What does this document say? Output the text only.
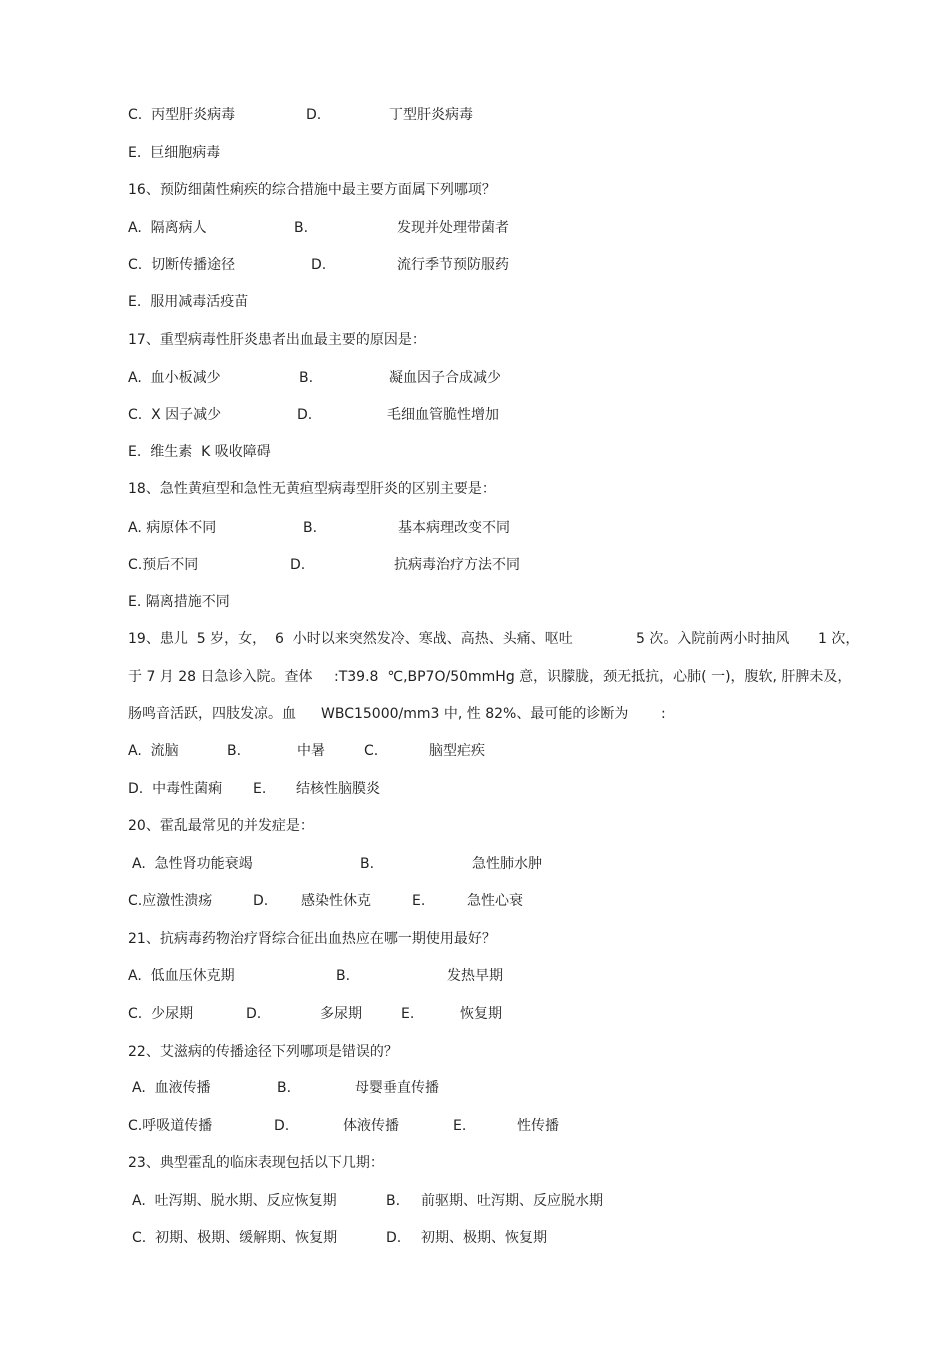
C.  丙型肝炎病毒	D.	丁型肝炎病毒
E.  巨细胞病毒
16、预防细菌性痢疾的综合措施中最主要方面属下列哪项？
A.  隔离病人	B.	发现并处理带菌者
C.  切断传播途径	D.	流行季节预防服药
E.  服用减毒活疫苗
17、重型病毒性肝炎患者出血最主要的原因是：
A.  血小板减少	B.	凝血因子合成减少
C.  X 因子减少	D.	毛细血管脆性增加
E.  维生素  K 吸收障碍
18、急性黄疸型和急性无黄疸型病毒型肝炎的区别主要是：
A. 病原体不同	B.	基本病理改变不同
C.预后不同	D.	抗病毒治疗方法不同
E. 隔离措施不同
19、患儿  5 岁，女，  6  小时以来突然发冷、寒战、高热、头痛、呕吐	5 次。入院前两小时抽风 1 次，
于 7 月 28 日急诊入院。查体 :T39.8  ℃,BP7O/50mmHg 意，识朦胧，颈无抵抗，心肺( 一)，腹软, 肝脾未及，
肠鸣音活跃，四肢发凉。血 WBC15000/mm3 中, 性 82%、最可能的诊断为 :
A.  流脑	B.	中暑	C.	脑型疟疾
D.  中毒性菌痢 E. 结核性脑膜炎
20、霍乱最常见的并发症是：
A.  急性肾功能衰竭	B.	急性肺水肿
C.应激性溃疡	D. 感染性休克	E.	急性心衰
21、抗病毒药物治疗肾综合征出血热应在哪一期使用最好？
A.  低血压休克期	B.	发热早期
C.  少尿期	D.	多尿期	E.	恢复期
22、艾滋病的传播途径下列哪项是错误的？
A.  血液传播	B.	母婴垂直传播
C.呼吸道传播	D.	体液传播	E.	性传播
23、典型霍乱的临床表现包括以下几期：
A.  吐泻期、脱水期、反应恢复期	B. 前驱期、吐泻期、反应脱水期
C.  初期、极期、缓解期、恢复期	D. 初期、极期、恢复期
